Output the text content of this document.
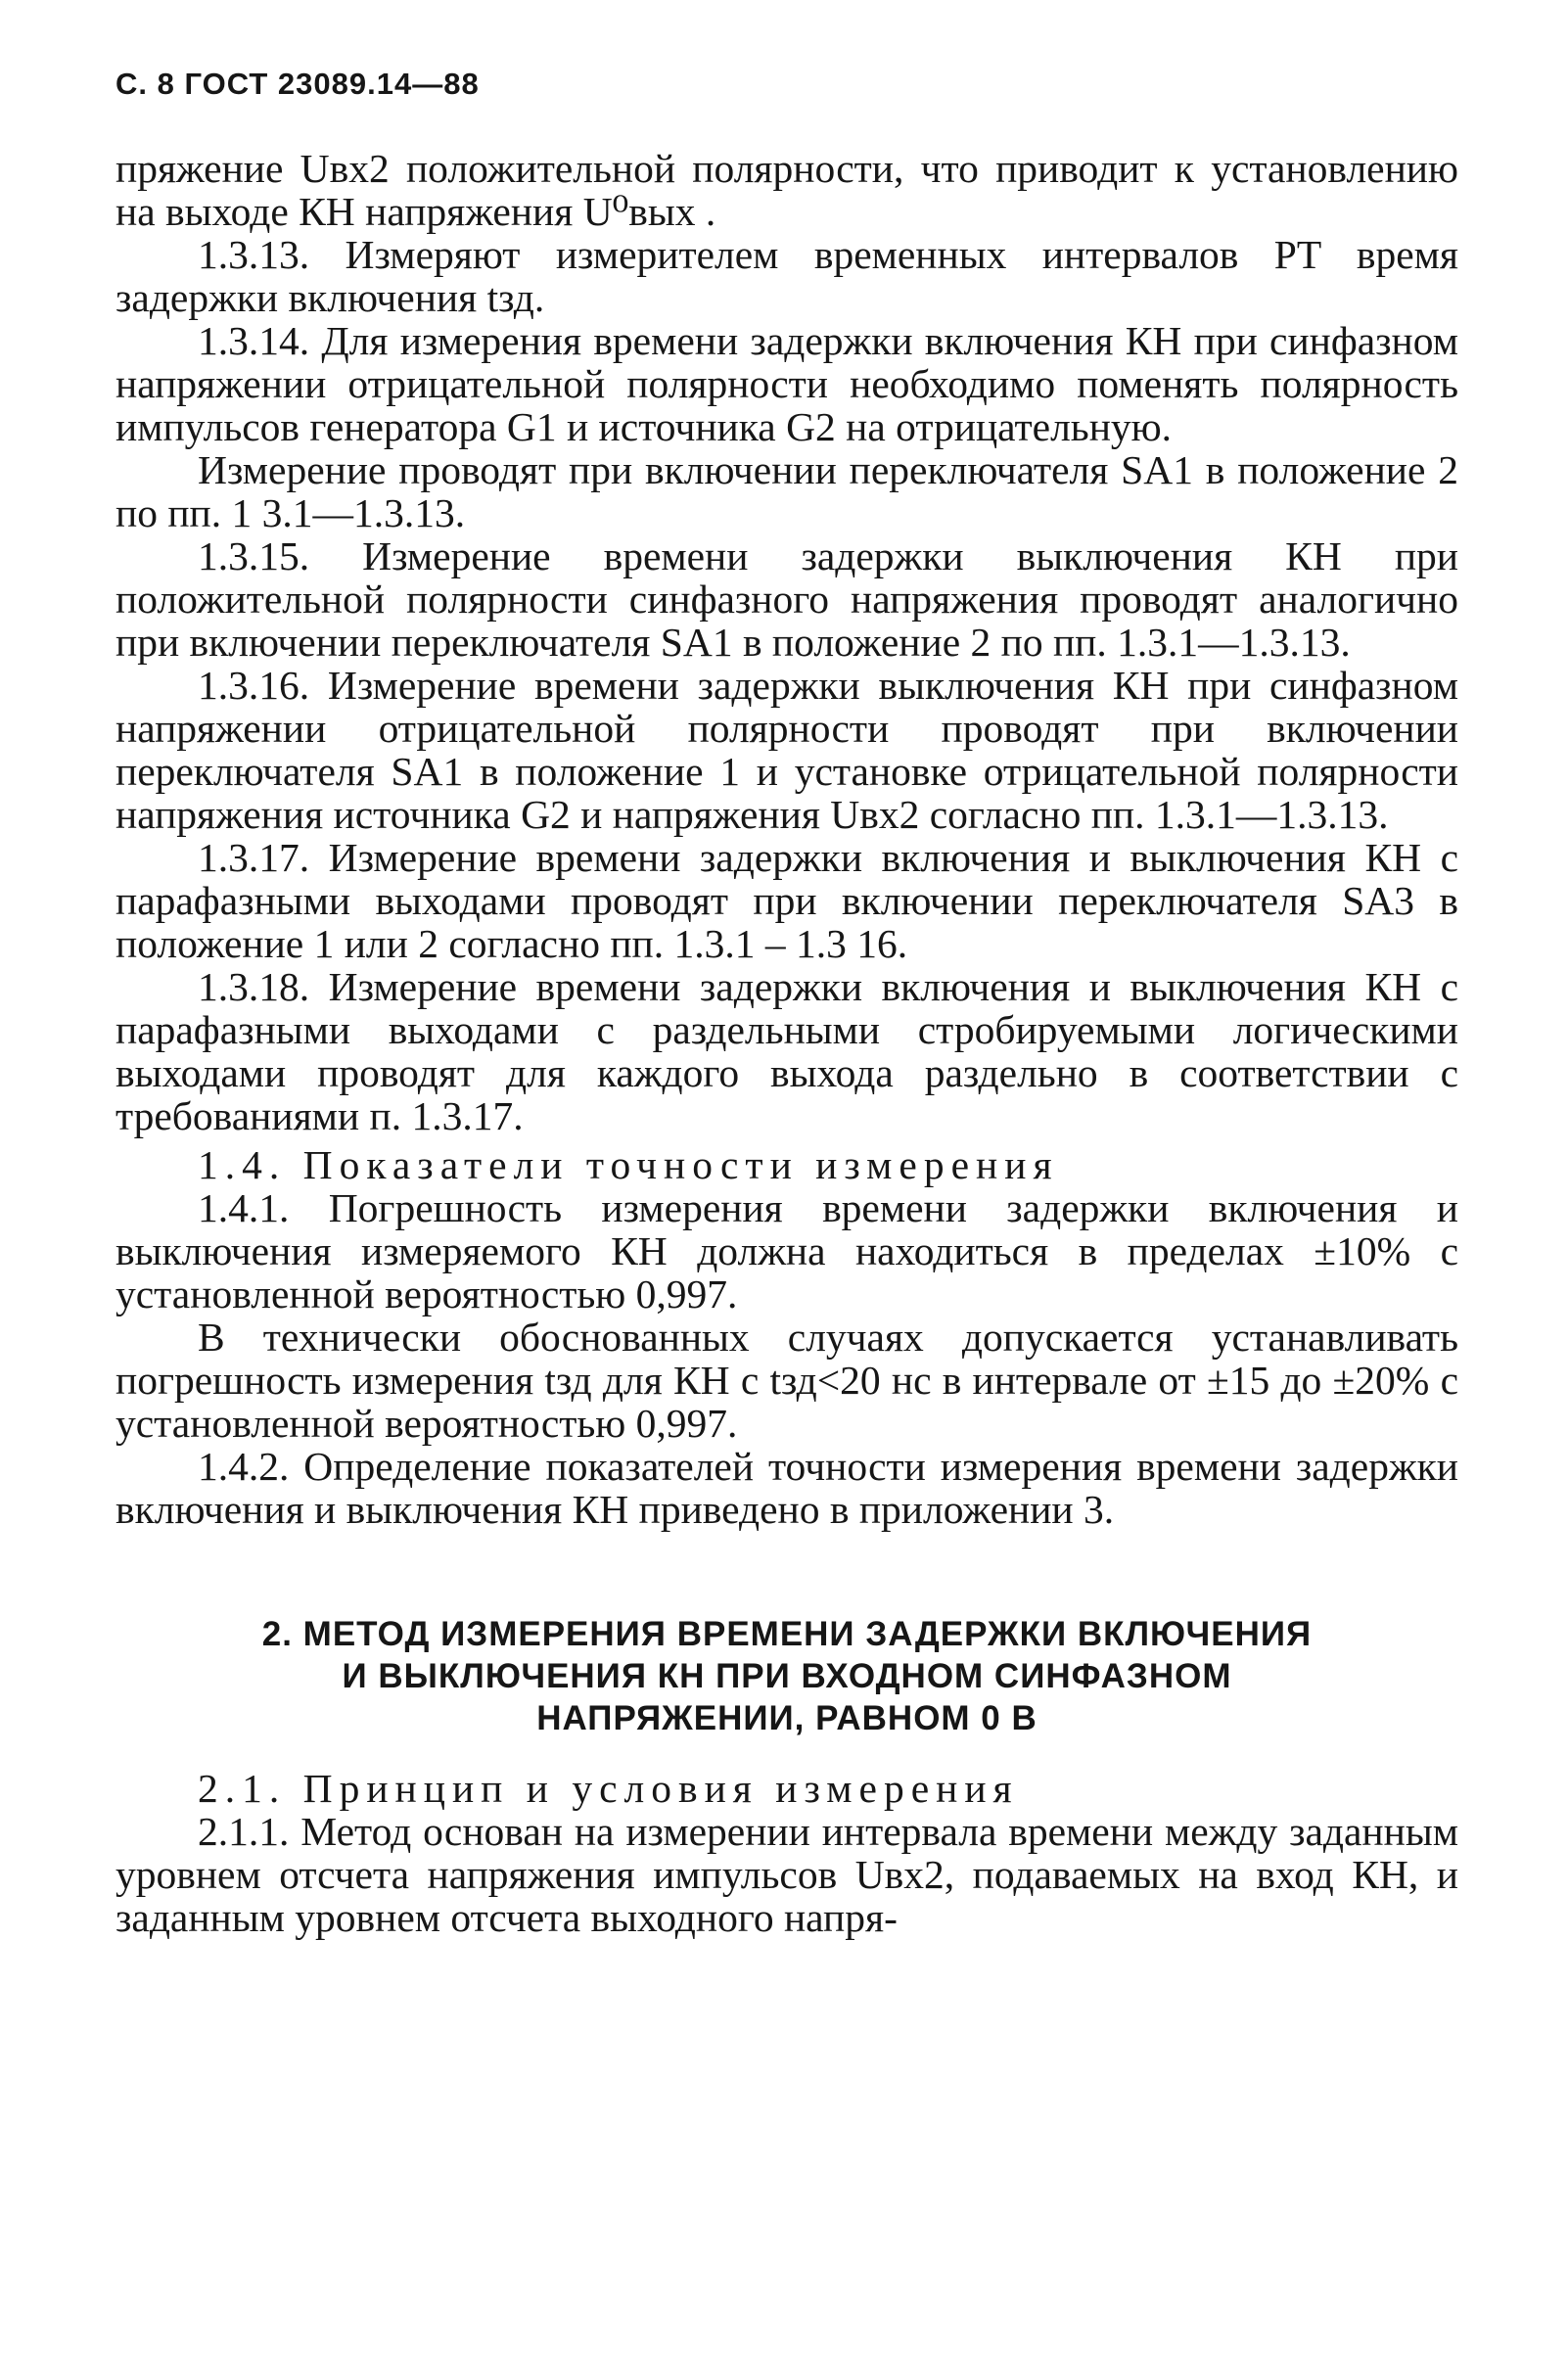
С. 8 ГОСТ 23089.14—88

пряжение Uвх2 положительной полярности, что приводит к установлению на выходе КН напряжения U⁰вых .

1.3.13. Измеряют измерителем временных интервалов PT время задержки включения tзд.

1.3.14. Для измерения времени задержки включения КН при синфазном напряжении отрицательной полярности необходимо поменять полярность импульсов генератора G1 и источника G2 на отрицательную.

Измерение проводят при включении переключателя SA1 в положение 2 по пп. 1 3.1—1.3.13.

1.3.15. Измерение времени задержки выключения КН при положительной полярности синфазного напряжения проводят аналогично при включении переключателя SA1 в положение 2 по пп. 1.3.1—1.3.13.

1.3.16. Измерение времени задержки выключения КН при синфазном напряжении отрицательной полярности проводят при включении переключателя SA1 в положение 1 и установке отрицательной полярности напряжения источника G2 и напряжения Uвх2 согласно пп. 1.3.1—1.3.13.

1.3.17. Измерение времени задержки включения и выключения КН с парафазными выходами проводят при включении переключателя SA3 в положение 1 или 2 согласно пп. 1.3.1 – 1.3 16.

1.3.18. Измерение времени задержки включения и выключения КН с парафазными выходами с раздельными стробируемыми логическими выходами проводят для каждого выхода раздельно в соответствии с требованиями п. 1.3.17.

1.4. Показатели точности измерения

1.4.1. Погрешность измерения времени задержки включения и выключения измеряемого КН должна находиться в пределах ±10% с установленной вероятностью 0,997.

В технически обоснованных случаях допускается устанавливать погрешность измерения tзд для КН с tзд<20 нс в интервале от ±15 до ±20% с установленной вероятностью 0,997.

1.4.2. Определение показателей точности измерения времени задержки включения и выключения КН приведено в приложении 3.

2. МЕТОД ИЗМЕРЕНИЯ ВРЕМЕНИ ЗАДЕРЖКИ ВКЛЮЧЕНИЯ
И ВЫКЛЮЧЕНИЯ КН ПРИ ВХОДНОМ СИНФАЗНОМ
НАПРЯЖЕНИИ, РАВНОМ 0 В

2.1. Принцип и условия измерения

2.1.1. Метод основан на измерении интервала времени между заданным уровнем отсчета напряжения импульсов Uвх2, подаваемых на вход КН, и заданным уровнем отсчета выходного напря-
